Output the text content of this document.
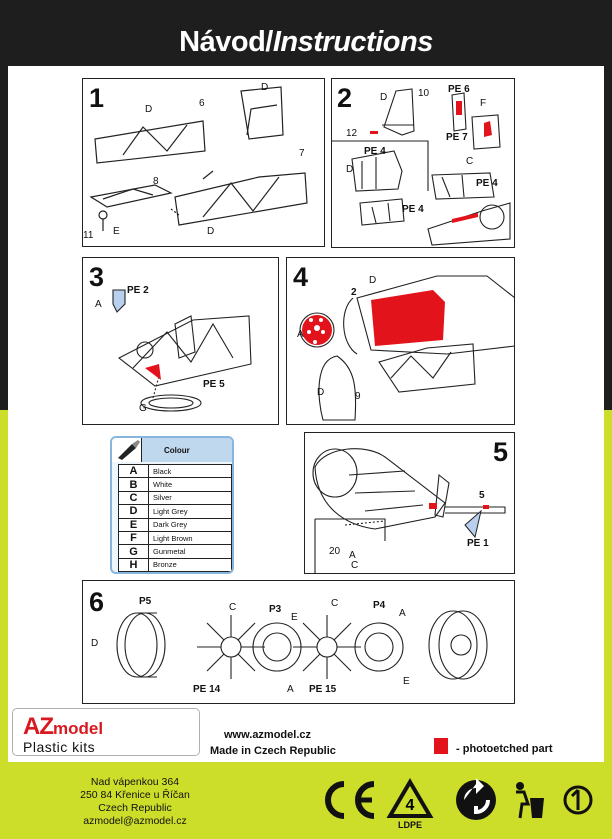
Návod/Instructions
1	D
6
D
7
8
11 E	D
2	D	10
12
PE 6
F
PE 7
C
PE 4
D
PE 4
PE 4
3 PE 2
A
PE 5
G
4	D
2
A
D	9
5
5
PE 1
20 A
C
Colour
A	Black
B	White
C	Silver
D	Light Grey
E	Dark Grey
F	Light Brown
G	Gunmetal
H	Bronze
6	P5
D
C	P3
E
PE 14	A
C	P4
A
PE 15
E
AZmodel
Plastic kits
www.azmodel.cz
Made in Czech Republic	- photoetched part
Nad vápenkou 364
250 84 Křenice u Říčan
Czech Republic
azmodel@azmodel.cz
4
LDPE
